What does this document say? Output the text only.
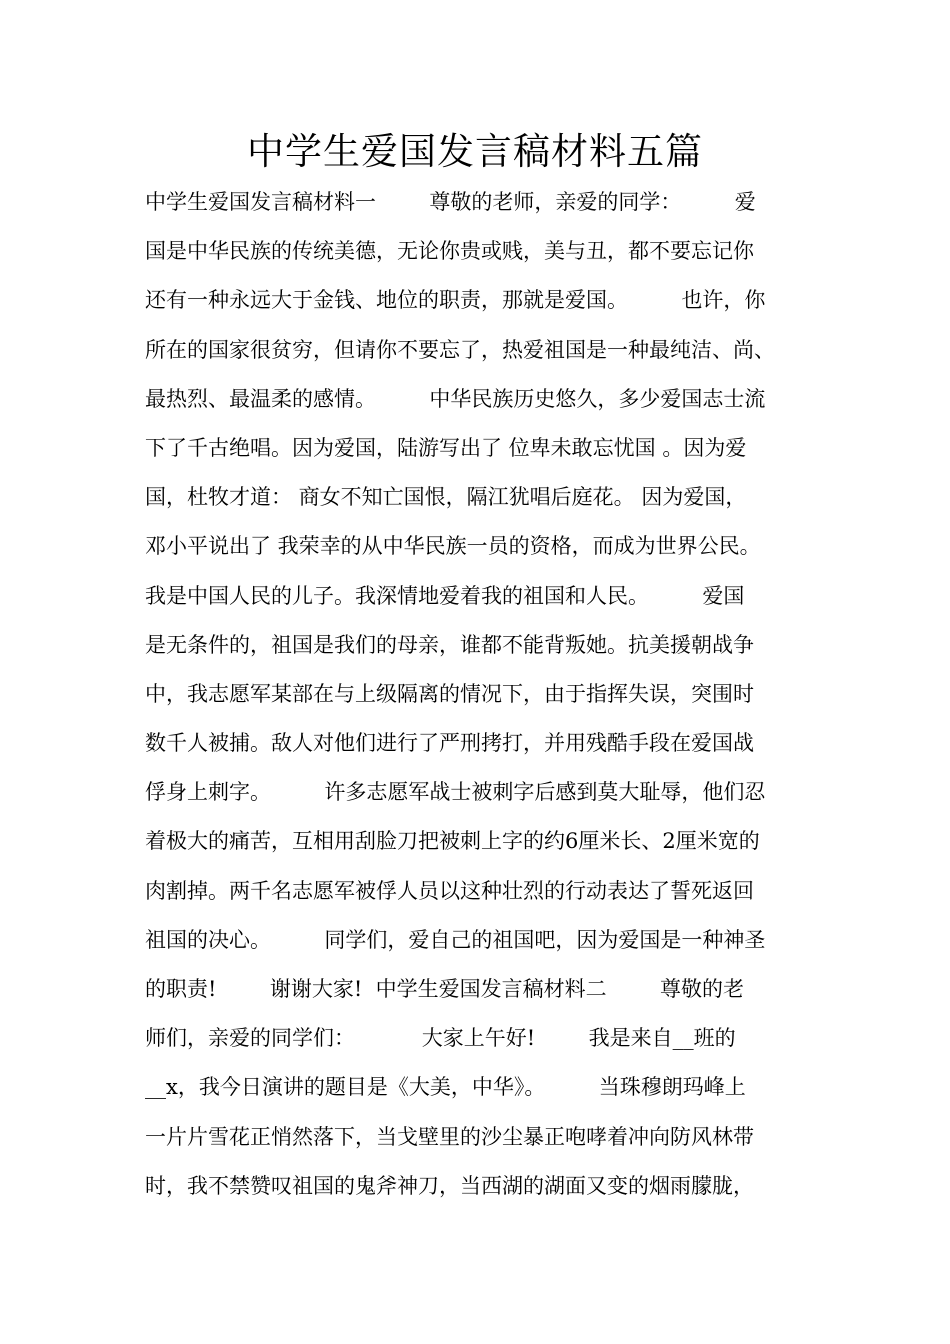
中学生爱国发言稿材料五篇
中学生爱国发言稿材料一        尊敬的老师，亲爱的同学：        爱
国是中华民族的传统美德，无论你贵或贱，美与丑，都不要忘记你
还有一种永远大于金钱、地位的职责，那就是爱国。        也许，你
所在的国家很贫穷，但请你不要忘了，热爱祖国是一种最纯洁、尚、
最热烈、最温柔的感情。        中华民族历史悠久，多少爱国志士流
下了千古绝唱。因为爱国，陆游写出了 位卑未敢忘忧国 。因为爱
国，杜牧才道： 商女不知亡国恨，隔江犹唱后庭花。 因为爱国，
邓小平说出了 我荣幸的从中华民族一员的资格，而成为世界公民。
我是中国人民的儿子。我深情地爱着我的祖国和人民。        爱国
是无条件的，祖国是我们的母亲，谁都不能背叛她。抗美援朝战争
中，我志愿军某部在与上级隔离的情况下，由于指挥失误，突围时
数千人被捕。敌人对他们进行了严刑拷打，并用残酷手段在爱国战
俘身上刺字。        许多志愿军战士被刺字后感到莫大耻辱，他们忍
着极大的痛苦，互相用刮脸刀把被刺上字的约6厘米长、2厘米宽的
肉割掉。两千名志愿军被俘人员以这种壮烈的行动表达了誓死返回
祖国的决心。        同学们，爱自己的祖国吧，因为爱国是一种神圣
的职责!        谢谢大家!  中学生爱国发言稿材料二        尊敬的老
师们，亲爱的同学们：          大家上午好!        我是来自__班的
__x，我今日演讲的题目是《大美，中华》。        当珠穆朗玛峰上
一片片雪花正悄然落下，当戈壁里的沙尘暴正咆哮着冲向防风林带
时，我不禁赞叹祖国的鬼斧神刀，当西湖的湖面又变的烟雨朦胧，
